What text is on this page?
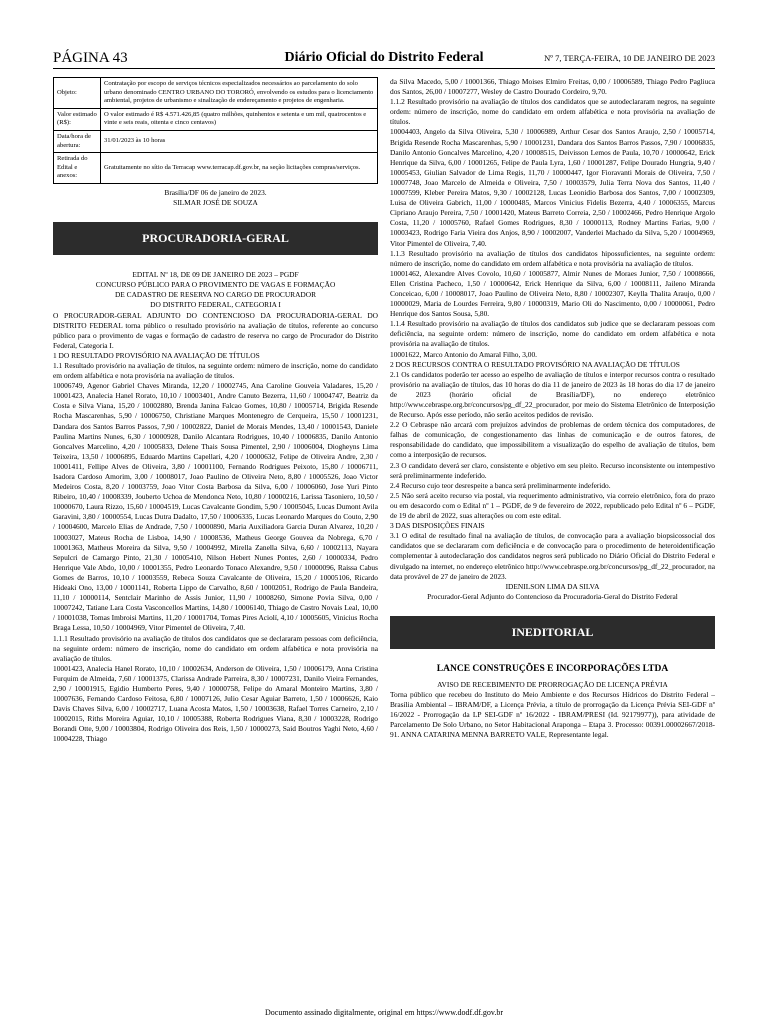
PÁGINA 43	Diário Oficial do Distrito Federal	Nº 7, TERÇA-FEIRA, 10 DE JANEIRO DE 2023
Objeto:	Contratação por escopo de serviços técnicos especializados necessários ao parcelamento do solo urbano denominado CENTRO URBANO DO TORORÓ, envolvendo os estudos para o licenciamento ambiental, projetos de urbanismo e sinalização de endereçamento e projetos de engenharia.
Valor estimado (R$):	O valor estimado é R$ 4.571.426,85 (quatro milhões, quinhentos e setenta e um mil, quatrocentos e vinte e seis reais, oitenta e cinco centavos)
Data/hora de abertura:	31/01/2023 às 10 horas
Retirada do Edital e anexos:	Gratuitamente no sítio da Terracap www.terracap.df.gov.br, na seção licitações compras/serviços.

Brasília/DF 06 de janeiro de 2023.

SILMAR JOSÉ DE SOUZA

PROCURADORIA-GERAL

EDITAL Nº 18, DE 09 DE JANEIRO DE 2023 – PGDF

CONCURSO PÚBLICO PARA O PROVIMENTO DE VAGAS E FORMAÇÃO

DE CADASTRO DE RESERVA NO CARGO DE PROCURADOR

DO DISTRITO FEDERAL, CATEGORIA I

O PROCURADOR-GERAL ADJUNTO DO CONTENCIOSO DA PROCURADORIA-GERAL DO DISTRITO FEDERAL torna público o resultado provisório na avaliação de títulos, referente ao concurso público para o provimento de vagas e formação de cadastro de reserva no cargo de Procurador do Distrito Federal, Categoria I.

1 DO RESULTADO PROVISÓRIO NA AVALIAÇÃO DE TÍTULOS

1.1 Resultado provisório na avaliação de títulos, na seguinte ordem: número de inscrição, nome do candidato em ordem alfabética e nota provisória na avaliação de títulos.

10006749, Agenor Gabriel Chaves Miranda, 12,20 / 10002745, Ana Caroline Gouveia Valadares, 15,20 / 10001423, Analecia Hanel Rorato, 10,10 / 10003401, Andre Canuto Bezerra, 11,60 / 10004747, Beatriz da Costa e Silva Viana, 15,20 / 10002880, Brenda Janina Falcao Gomes, 10,80 / 10005714, Brigida Resende Rocha Mascarenhas, 5,90 / 10006750, Christiane Marques Montenegro de Cerqueira, 15,50 / 10001231, Dandara dos Santos Barros Passos, 7,90 / 10002822, Daniel de Morais Mendes, 13,40 / 10001543, Daniele Paulina Martins Nunes, 6,30 / 10000928, Danilo Alcantara Rodrigues, 10,40 / 10006835, Danilo Antonio Goncalves Marcelino, 4,20 / 10005833, Delene Thais Sousa Pimentel, 2,90 / 10006004, Diogheyns Lima Teixeira, 13,50 / 10006895, Eduardo Martins Capellari, 4,20 / 10000632, Felipe de Oliveira Andre, 2,30 / 10001411, Fellipe Alves de Oliveira, 3,80 / 10001100, Fernando Rodrigues Peixoto, 15,80 / 10006711, Isadora Cardoso Amorim, 3,00 / 10008017, Joao Paulino de Oliveira Neto, 8,80 / 10005526, Joao Victor Medeiros Costa, 8,20 / 10003759, Joao Vitor Costa Barbosa da Silva, 6,00 / 10006060, Jose Yuri Pinto Ribeiro, 10,40 / 10008339, Jouberto Uchoa de Mendonca Neto, 10,80 / 10000216, Larissa Tasoniero, 10,50 / 10000670, Laura Rizzo, 15,60 / 10004519, Lucas Cavalcante Gondim, 5,90 / 10005045, Lucas Dumont Avila Garavini, 3,80 / 10000554, Lucas Dutra Dadalto, 17,50 / 10006335, Lucas Leonardo Marques do Couto, 2,90 / 10004600, Marcelo Elias de Andrade, 7,50 / 10000890, Maria Auxiliadora Garcia Duran Alvarez, 10,20 / 10003027, Mateus Rocha de Lisboa, 14,90 / 10008536, Matheus George Gouvea da Nobrega, 6,70 / 10001363, Matheus Moreira da Silva, 9,50 / 10004992, Mirella Zanella Silva, 6,60 / 10002113, Nayara Sepulcri de Camargo Pinto, 21,30 / 10005410, Nilson Hebert Nunes Pontes, 2,60 / 10000334, Pedro Henrique Vale Abdo, 10,00 / 10001355, Pedro Leonardo Tonaco Alexandre, 9,50 / 10000096, Raissa Cabus Gomes de Barros, 10,10 / 10003559, Rebeca Souza Cavalcante de Oliveira, 15,20 / 10005106, Ricardo Hideaki Ono, 13,00 / 10001141, Roberta Lippo de Carvalho, 8,60 / 10002051, Rodrigo de Paula Bandeira, 11,10 / 10000114, Sentclair Marinho de Assis Junior, 11,90 / 10008260, Simone Povia Silva, 0,00 / 10007242, Tatiane Lara Costa Vasconcellos Martins, 14,80 / 10006140, Thiago de Castro Novais Leal, 10,00 / 10001038, Tomas Imbroisi Martins, 11,20 / 10001704, Tomas Pires Aciolí, 4,10 / 10005605, Vinicius Rocha Braga Lessa, 10,50 / 10004969, Vitor Pimentel de Oliveira, 7,40.

1.1.1 Resultado provisório na avaliação de títulos dos candidatos que se declararam pessoas com deficiência, na seguinte ordem: número de inscrição, nome do candidato em ordem alfabética e nota provisória na avaliação de títulos.

10001423, Analecia Hanel Rorato, 10,10 / 10002634, Anderson de Oliveira, 1,50 / 10006179, Anna Cristina Furquim de Almeida, 7,60 / 10001375, Clarissa Andrade Parreira, 8,30 / 10007231, Danilo Vieira Fernandes, 2,90 / 10001915, Egidio Humberto Peres, 9,40 / 10000758, Felipe do Amaral Monteiro Martins, 3,80 / 10007636, Fernando Cardoso Feitosa, 6,80 / 10007126, Julio Cesar Aguiar Barreto, 1,50 / 10006626, Kaio Davis Chaves Silva, 6,00 / 10002717, Luana Acosta Matos, 1,50 / 10003638, Rafael Torres Carneiro, 2,10 / 10002015, Riths Moreira Aguiar, 10,10 / 10005388, Roberta Rodrigues Viana, 8,30 / 10003228, Rodrigo Borandi Otte, 9,00 / 10003804, Rodrigo Oliveira dos Reis, 1,50 / 10000273, Said Boutros Yaghi Neto, 4,60 / 10004228, Thiago

da Silva Macedo, 5,00 / 10001366, Thiago Moises Elmiro Freitas, 0,00 / 10006589, Thiago Pedro Pagliuca dos Santos, 26,00 / 10007277, Wesley de Castro Dourado Cordeiro, 9,70.

1.1.2 Resultado provisório na avaliação de títulos dos candidatos que se autodeclararam negros, na seguinte ordem: número de inscrição, nome do candidato em ordem alfabética e nota provisória na avaliação de títulos.

10004403, Angelo da Silva Oliveira, 5,30 / 10006989, Arthur Cesar dos Santos Araujo, 2,50 / 10005714, Brigida Resende Rocha Mascarenhas, 5,90 / 10001231, Dandara dos Santos Barros Passos, 7,90 / 10006835, Danilo Antonio Goncalves Marcelino, 4,20 / 10008515, Deivisson Lemos de Paula, 10,70 / 10000642, Erick Henrique da Silva, 6,00 / 10001265, Felipe de Paula Lyra, 1,60 / 10001287, Felipe Dourado Hungria, 9,40 / 10005453, Giulian Salvador de Lima Regis, 11,70 / 10000447, Igor Fioravanti Morais de Oliveira, 7,50 / 10007748, Joao Marcelo de Almeida e Oliveira, 7,50 / 10003579, Julia Terra Nova dos Santos, 11,40 / 10007599, Kleber Pereira Matos, 9,30 / 10002128, Lucas Leonidio Barbosa dos Santos, 7,00 / 10002309, Luisa de Oliveira Gabrich, 11,00 / 10000485, Marcos Vinicius Fidelis Bezerra, 4,40 / 10006355, Marcus Cipriano Araujo Pereira, 7,50 / 10001420, Mateus Barreto Correia, 2,50 / 10002466, Pedro Henrique Argolo Costa, 11,20 / 10005760, Rafael Gomes Rodrigues, 8,30 / 10000113, Rodney Martins Farias, 9,00 / 10003423, Rodrigo Faria Vieira dos Anjos, 8,90 / 10002007, Vanderlei Machado da Silva, 5,20 / 10004969, Vitor Pimentel de Oliveira, 7,40.

1.1.3 Resultado provisório na avaliação de títulos dos candidatos hipossuficientes, na seguinte ordem: número de inscrição, nome do candidato em ordem alfabética e nota provisória na avaliação de títulos.

10001462, Alexandre Alves Covolo, 10,60 / 10005877, Almir Nunes de Moraes Junior, 7,50 / 10008666, Ellen Cristina Pacheco, 1,50 / 10000642, Erick Henrique da Silva, 6,00 / 10008111, Jaileno Miranda Conceicao, 6,00 / 10008017, Joao Paulino de Oliveira Neto, 8,80 / 10002307, Keylla Thalita Araujo, 0,00 / 10000029, Maria de Lourdes Ferreira, 9,80 / 10000319, Mario Oli do Nascimento, 0,00 / 10000061, Pedro Henrique dos Santos Sousa, 5,80.

1.1.4 Resultado provisório na avaliação de títulos dos candidatos sub judice que se declararam pessoas com deficiência, na seguinte ordem: número de inscrição, nome do candidato em ordem alfabética e nota provisória na avaliação de títulos.

10001622, Marco Antonio do Amaral Filho, 3,00.

2 DOS RECURSOS CONTRA O RESULTADO PROVISÓRIO NA AVALIAÇÃO DE TÍTULOS

2.1 Os candidatos poderão ter acesso ao espelho de avaliação de títulos e interpor recursos contra o resultado provisório na avaliação de títulos, das 10 horas do dia 11 de janeiro de 2023 às 18 horas do dia 17 de janeiro de 2023 (horário oficial de Brasília/DF), no endereço eletrônico http://www.cebraspe.org.br/concursos/pg_df_22_procurador, por meio do Sistema Eletrônico de Interposição de Recurso. Após esse período, não serão aceitos pedidos de revisão.

2.2 O Cebraspe não arcará com prejuízos advindos de problemas de ordem técnica dos computadores, de falhas de comunicação, de congestionamento das linhas de comunicação e de outros fatores, de responsabilidade do candidato, que impossibilitem a visualização do espelho de avaliação de títulos, bem como a interposição de recursos.

2.3 O candidato deverá ser claro, consistente e objetivo em seu pleito. Recurso inconsistente ou intempestivo será preliminarmente indeferido.

2.4 Recurso cujo teor desrespeite a banca será preliminarmente indeferido.

2.5 Não será aceito recurso via postal, via requerimento administrativo, via correio eletrônico, fora do prazo ou em desacordo com o Edital nº 1 – PGDF, de 9 de fevereiro de 2022, republicado pelo Edital nº 6 – PGDF, de 19 de abril de 2022, suas alterações ou com este edital.

3 DAS DISPOSIÇÕES FINAIS

3.1 O edital de resultado final na avaliação de títulos, de convocação para a avaliação biopsicossocial dos candidatos que se declararam com deficiência e de convocação para o procedimento de heteroidentificação complementar à autodeclaração dos candidatos negros será publicado no Diário Oficial do Distrito Federal e divulgado na internet, no endereço eletrônico http://www.cebraspe.org.br/concursos/pg_df_22_procurador, na data provável de 27 de janeiro de 2023.

IDENILSON LIMA DA SILVA

Procurador-Geral Adjunto do Contencioso da Procuradoria-Geral do Distrito Federal

INEDITORIAL
LANCE CONSTRUÇÕES E INCORPORAÇÕES LTDA

AVISO DE RECEBIMENTO DE PRORROGAÇÃO DE LICENÇA PRÉVIA

Torna público que recebeu do Instituto do Meio Ambiente e dos Recursos Hídricos do Distrito Federal – Brasília Ambiental – IBRAM/DF, a Licença Prévia, a título de prorrogação da Licença Prévia SEI-GDF nº 16/2022 - Prorrogação da LP SEI-GDF nº 16/2022 - IBRAM/PRESI (Id. 92179977)), para atividade de Parcelamento De Solo Urbano, no Setor Habitacional Araponga – Etapa 3. Processo: 00391.00002667/2018-91. ANNA CATARINA MENNA BARRETO VALE, Representante legal.

Documento assinado digitalmente, original em https://www.dodf.df.gov.br
